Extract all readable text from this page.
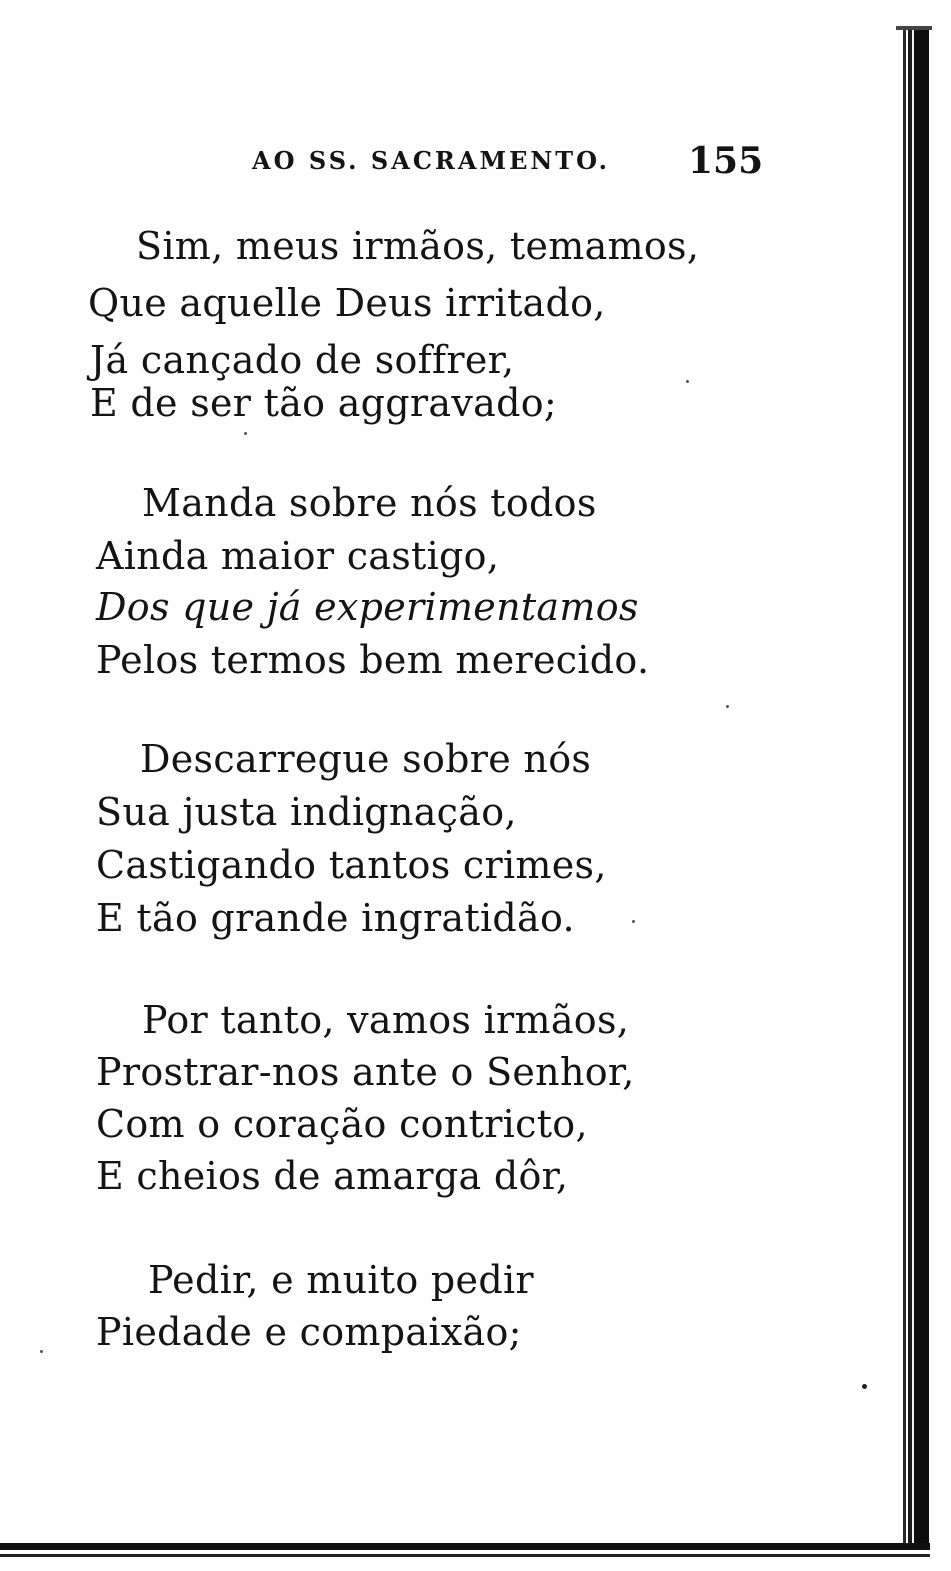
AO SS. SACRAMENTO. 155
Sim, meus irmãos, temamos,
Que aquelle Deus irritado,
Já cançado de soffrer,
E de ser tão aggravado;
Manda sobre nós todos
Ainda maior castigo,
Dos que já experimentamos
Pelos termos bem merecido.
Descarregue sobre nós
Sua justa indignação,
Castigando tantos crimes,
E tão grande ingratidão.
Por tanto, vamos irmãos,
Prostrar-nos ante o Senhor,
Com o coração contricto,
E cheios de amarga dôr,
Pedir, e muito pedir
Piedade e compaixão;
